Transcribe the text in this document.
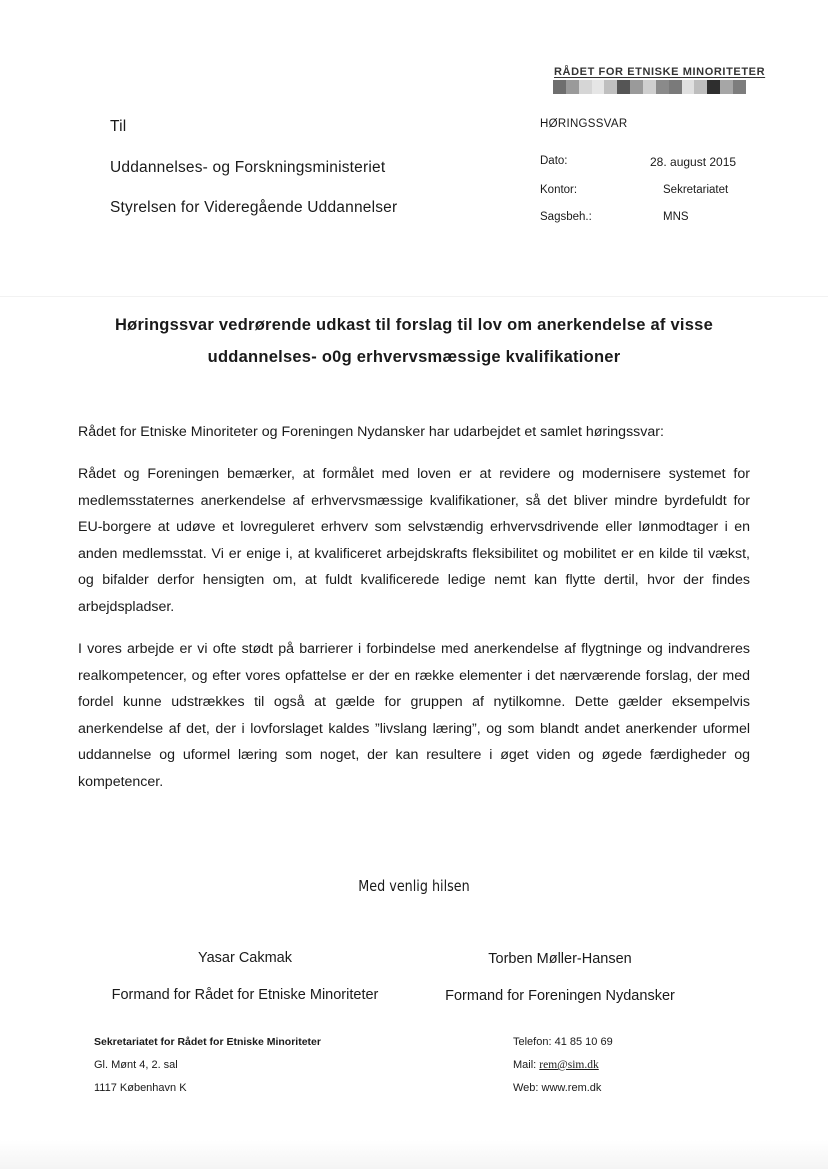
RÅDET FOR ETNISKE MINORITETER
Til
Uddannelses- og Forskningsministeriet
Styrelsen for Videregående Uddannelser
HØRINGSSVAR
Dato:	28. august 2015
Kontor:	Sekretariatet
Sagsbeh.:	MNS
Høringssvar vedrørende udkast til forslag til lov om anerkendelse af visse
uddannelses- o0g erhvervsmæssige kvalifikationer
Rådet for Etniske Minoriteter og Foreningen Nydansker har udarbejdet et samlet høringssvar:
Rådet og Foreningen bemærker, at formålet med loven er at revidere og modernisere systemet for medlemsstaternes anerkendelse af erhvervsmæssige kvalifikationer, så det bliver mindre byrdefuldt for EU-borgere at udøve et lovreguleret erhverv som selvstændig erhvervsdrivende eller lønmodtager i en anden medlemsstat. Vi er enige i, at kvalificeret arbejdskrafts fleksibilitet og mobilitet er en kilde til vækst, og bifalder derfor hensigten om, at fuldt kvalificerede ledige nemt kan flytte dertil, hvor der findes arbejdspladser.
I vores arbejde er vi ofte stødt på barrierer i forbindelse med anerkendelse af flygtninge og indvandreres realkompetencer, og efter vores opfattelse er der en række elementer i det nærværende forslag, der med fordel kunne udstrækkes til også at gælde for gruppen af nytilkomne. Dette gælder eksempelvis anerkendelse af det, der i lovforslaget kaldes ”livslang læring”, og som blandt andet anerkender uformel uddannelse og uformel læring som noget, der kan resultere i øget viden og øgede færdigheder og kompetencer.
Med venlig hilsen
Yasar Cakmak
Formand for Rådet for Etniske Minoriteter
Torben Møller-Hansen
Formand for Foreningen Nydansker
Sekretariatet for Rådet for Etniske Minoriteter
Gl. Mønt 4, 2. sal
1117 København K
Telefon: 41 85 10 69
Mail: rem@sim.dk
Web: www.rem.dk
